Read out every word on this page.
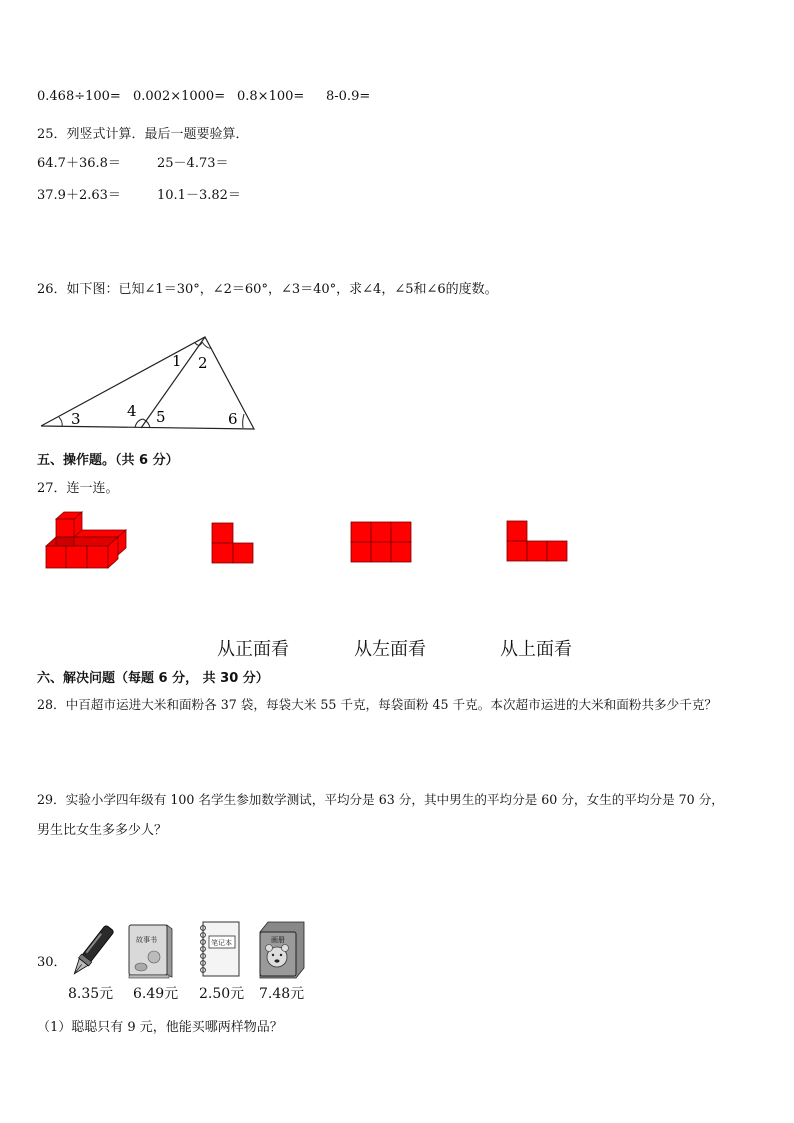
0.468÷100= 0.002×1000= 0.8×100= 8-0.9=
25．列竖式计算．最后一题要验算．
64.7＋36.8＝	25－4.73＝
37.9＋2.63＝	10.1－3.82＝
26．如下图：已知∠1＝30°，∠2＝60°，∠3＝40°，求∠4，∠5和∠6的度数。
1 2
3	4 5	6
五、操作题。（共 6 分）
27．连一连。
从正面看	从左面看	从上面看
六、解决问题（每题 6 分， 共 30 分）
28．中百超市运进大米和面粉各 37 袋，每袋大米 55 千克，每袋面粉 45 千克。本次超市运进的大米和面粉共多少千克？
29．实验小学四年级有 100 名学生参加数学测试，平均分是 63 分，其中男生的平均分是 60 分，女生的平均分是 70 分，
男生比女生多多少人？
30．
故事书	笔记本	画册
8.35元 6.49元 2.50元 7.48元
（1）聪聪只有 9 元，他能买哪两样物品？
